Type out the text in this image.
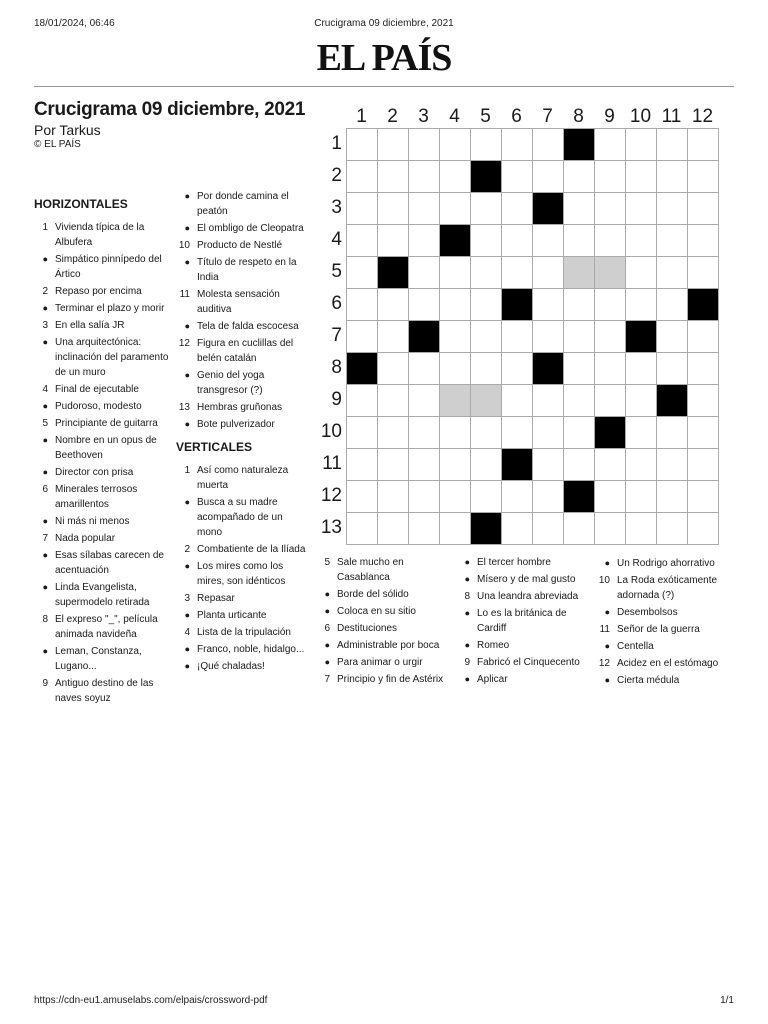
18/01/2024, 06:46	Crucigrama 09 diciembre, 2021
EL PAÍS
Crucigrama 09 diciembre, 2021
Por Tarkus
© EL PAÍS
HORIZONTALES
1 Vivienda típica de la Albufera
● Simpático pinnípedo del Ártico
2 Repaso por encima
● Terminar el plazo y morir
3 En ella salía JR
● Una arquitectónica: inclinación del paramento de un muro
4 Final de ejecutable
● Pudoroso, modesto
5 Principiante de guitarra
● Nombre en un opus de Beethoven
● Director con prisa
6 Minerales terrosos amarillentos
● Ni más ni menos
7 Nada popular
● Esas sílabas carecen de acentuación
● Linda Evangelista, supermodelo retirada
8 El expreso "_", película animada navideña
● Leman, Constanza, Lugano...
9 Antiguo destino de las naves soyuz
● Por donde camina el peatón
● El ombligo de Cleopatra
10 Producto de Nestlé
● Título de respeto en la India
11 Molesta sensación auditiva
● Tela de falda escocesa
12 Figura en cuclillas del belén catalán
● Genio del yoga transgresor (?)
13 Hembras gruñonas
● Bote pulverizador
VERTICALES
1 Así como naturaleza muerta
● Busca a su madre acompañado de un mono
2 Combatiente de la Ilíada
● Los mires como los mires, son idénticos
3 Repasar
● Planta urticante
4 Lista de la tripulación
● Franco, noble, hidalgo...
● ¡Qué chaladas!
1	2	3	4	5	6	7	8	9 10 11 12
1
2
3
4
5
6
7
8
9
10
11
12
13
5 Sale mucho en Casablanca
● Borde del sólido
● Coloca en su sitio
6 Destituciones
● Administrable por boca
● Para animar o urgir
7 Principio y fin de Astérix
● El tercer hombre
● Mísero y de mal gusto
8 Una leandra abreviada
● Lo es la británica de Cardiff
● Romeo
9 Fabricó el Cinquecento
● Aplicar
● Un Rodrigo ahorrativo
10 La Roda exóticamente adornada (?)
● Desembolsos
11 Señor de la guerra
● Centella
12 Acidez en el estómago
● Cierta médula
https://cdn-eu1.amuselabs.com/elpais/crossword-pdf	1/1
